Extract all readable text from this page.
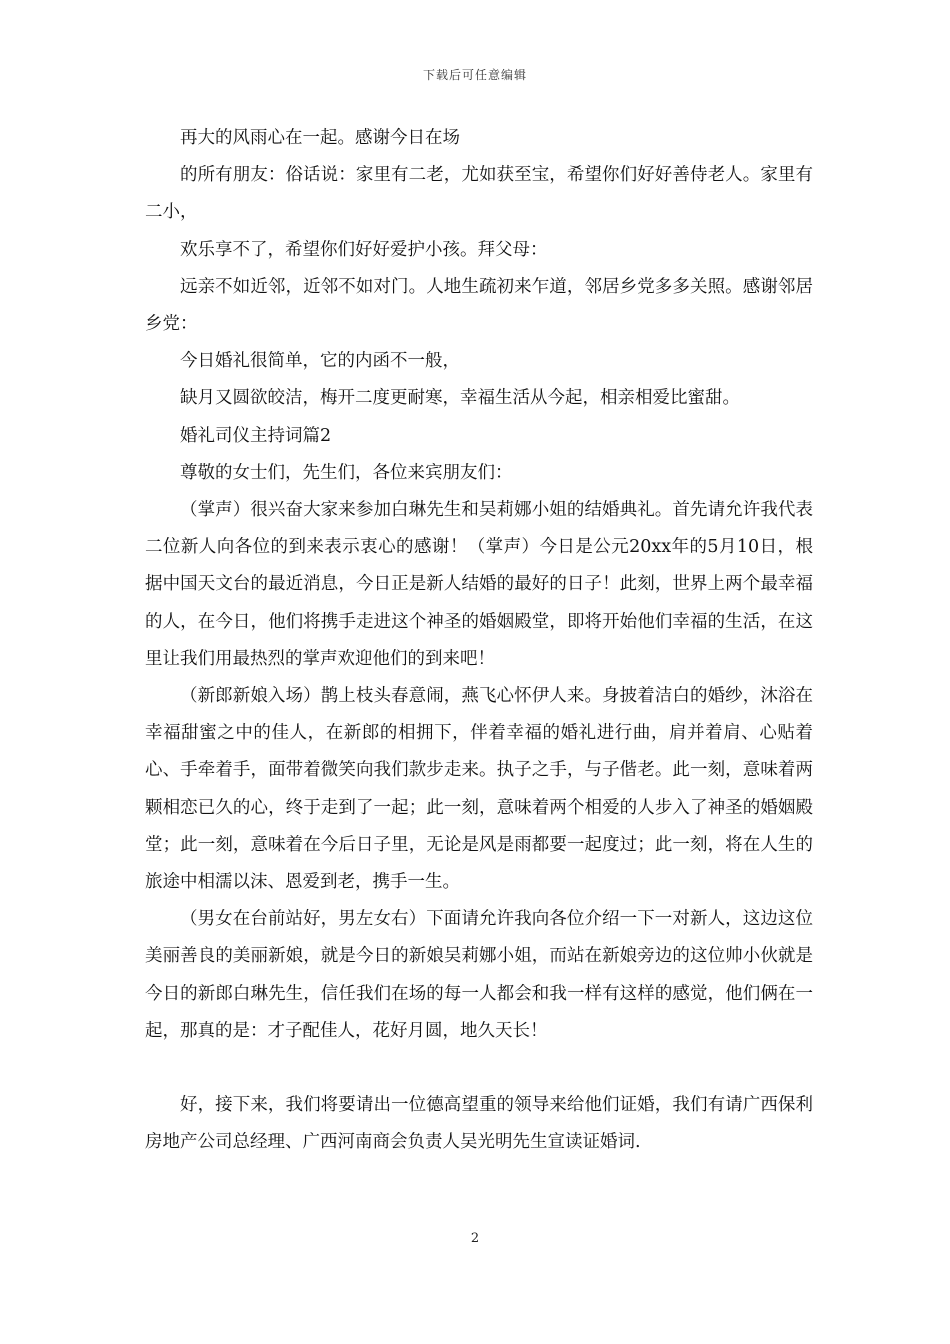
下载后可任意编辑

再大的风雨心在一起。感谢今日在场

的所有朋友：俗话说：家里有二老，尤如获至宝，希望你们好好善侍老人。家里有二小，

欢乐享不了，希望你们好好爱护小孩。拜父母：

远亲不如近邻，近邻不如对门。人地生疏初来乍道，邻居乡党多多关照。感谢邻居乡党：

今日婚礼很简单，它的内函不一般，

缺月又圆欲皎洁，梅开二度更耐寒，幸福生活从今起，相亲相爱比蜜甜。

婚礼司仪主持词篇2

尊敬的女士们，先生们，各位来宾朋友们：

（掌声）很兴奋大家来参加白琳先生和吴莉娜小姐的结婚典礼。首先请允许我代表二位新人向各位的到来表示衷心的感谢！（掌声）今日是公元20xx年的5月10日，根据中国天文台的最近消息，今日正是新人结婚的最好的日子！此刻，世界上两个最幸福的人，在今日，他们将携手走进这个神圣的婚姻殿堂，即将开始他们幸福的生活，在这里让我们用最热烈的掌声欢迎他们的到来吧！

（新郎新娘入场）鹊上枝头春意闹，燕飞心怀伊人来。身披着洁白的婚纱，沐浴在幸福甜蜜之中的佳人，在新郎的相拥下，伴着幸福的婚礼进行曲，肩并着肩、心贴着心、手牵着手，面带着微笑向我们款步走来。执子之手，与子偕老。此一刻，意味着两颗相恋已久的心，终于走到了一起；此一刻，意味着两个相爱的人步入了神圣的婚姻殿堂；此一刻，意味着在今后日子里，无论是风是雨都要一起度过；此一刻，将在人生的旅途中相濡以沫、恩爱到老，携手一生。

（男女在台前站好，男左女右）下面请允许我向各位介绍一下一对新人，这边这位美丽善良的美丽新娘，就是今日的新娘吴莉娜小姐，而站在新娘旁边的这位帅小伙就是今日的新郎白琳先生，信任我们在场的每一人都会和我一样有这样的感觉，他们俩在一起，那真的是：才子配佳人，花好月圆，地久天长！

好，接下来，我们将要请出一位德高望重的领导来给他们证婚，我们有请广西保利房地产公司总经理、广西河南商会负责人吴光明先生宣读证婚词.

2
